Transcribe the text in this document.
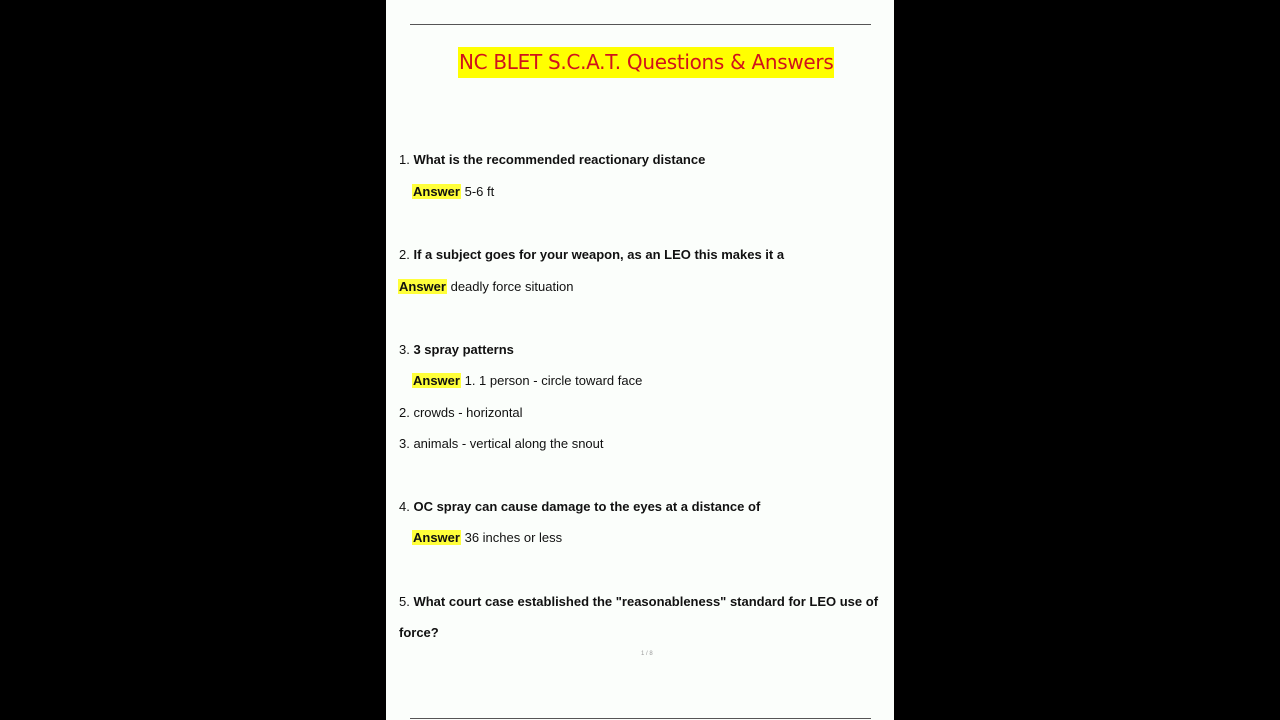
NC BLET S.C.A.T. Questions & Answers
1. What is the recommended reactionary distance
Answer 5-6 ft
2. If a subject goes for your weapon, as an LEO this makes it a
Answer deadly force situation
3. 3 spray patterns
Answer 1. 1 person - circle toward face
2. crowds - horizontal
3. animals - vertical along the snout
4. OC spray can cause damage to the eyes at a distance of
Answer 36 inches or less
5. What court case established the "reasonableness" standard for LEO use of
force?
1 / 8
